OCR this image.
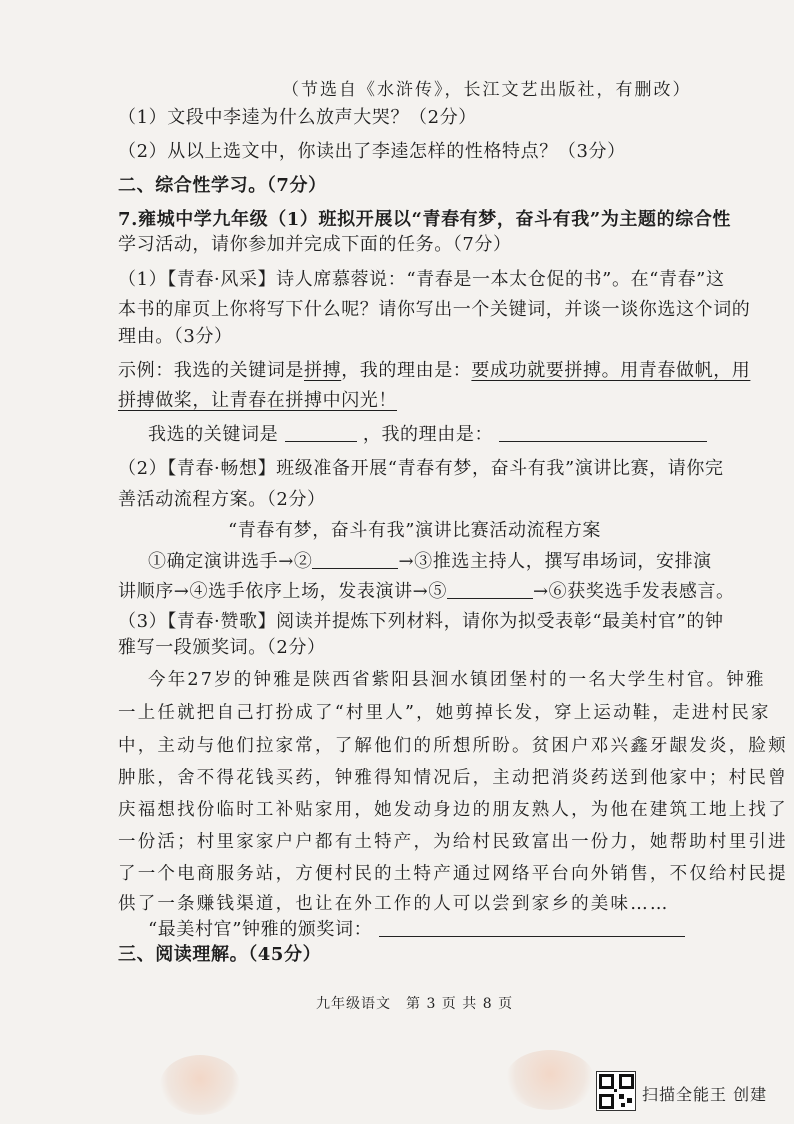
（节选自《水浒传》，长江文艺出版社，有删改）
（1）文段中李逵为什么放声大哭？（2分）
（2）从以上选文中，你读出了李逵怎样的性格特点？（3分）
二、综合性学习。（7分）
7.雍城中学九年级（1）班拟开展以“青春有梦，奋斗有我”为主题的综合性
学习活动，请你参加并完成下面的任务。（7分）
（1）【青春·风采】诗人席慕蓉说：“青春是一本太仓促的书”。在“青春”这
本书的扉页上你将写下什么呢？请你写出一个关键词，并谈一谈你选这个词的
理由。（3分）
示例：我选的关键词是拼搏，我的理由是：要成功就要拼搏。用青春做帆，用
拼搏做桨，让青春在拼搏中闪光！
我选的关键词是	，我的理由是：
（2）【青春·畅想】班级准备开展“青春有梦，奋斗有我”演讲比赛，请你完
善活动流程方案。（2分）
“青春有梦，奋斗有我”演讲比赛活动流程方案
①确定演讲选手→②	→③推选主持人，撰写串场词，安排演
讲顺序→④选手依序上场，发表演讲→⑤	→⑥获奖选手发表感言。
（3）【青春·赞歌】阅读并提炼下列材料，请你为拟受表彰“最美村官”的钟
雅写一段颁奖词。（2分）
今年27岁的钟雅是陕西省紫阳县洄水镇团堡村的一名大学生村官。钟雅
一上任就把自己打扮成了“村里人”，她剪掉长发，穿上运动鞋，走进村民家
中，主动与他们拉家常，了解他们的所想所盼。贫困户邓兴鑫牙龈发炎，脸颊
肿胀，舍不得花钱买药，钟雅得知情况后，主动把消炎药送到他家中；村民曾
庆福想找份临时工补贴家用，她发动身边的朋友熟人，为他在建筑工地上找了
一份活；村里家家户户都有土特产，为给村民致富出一份力，她帮助村里引进
了一个电商服务站，方便村民的土特产通过网络平台向外销售，不仅给村民提
供了一条赚钱渠道，也让在外工作的人可以尝到家乡的美味……
“最美村官”钟雅的颁奖词：
三、阅读理解。（45分）
九年级语文　第 3 页 共 8 页
扫描全能王 创建
